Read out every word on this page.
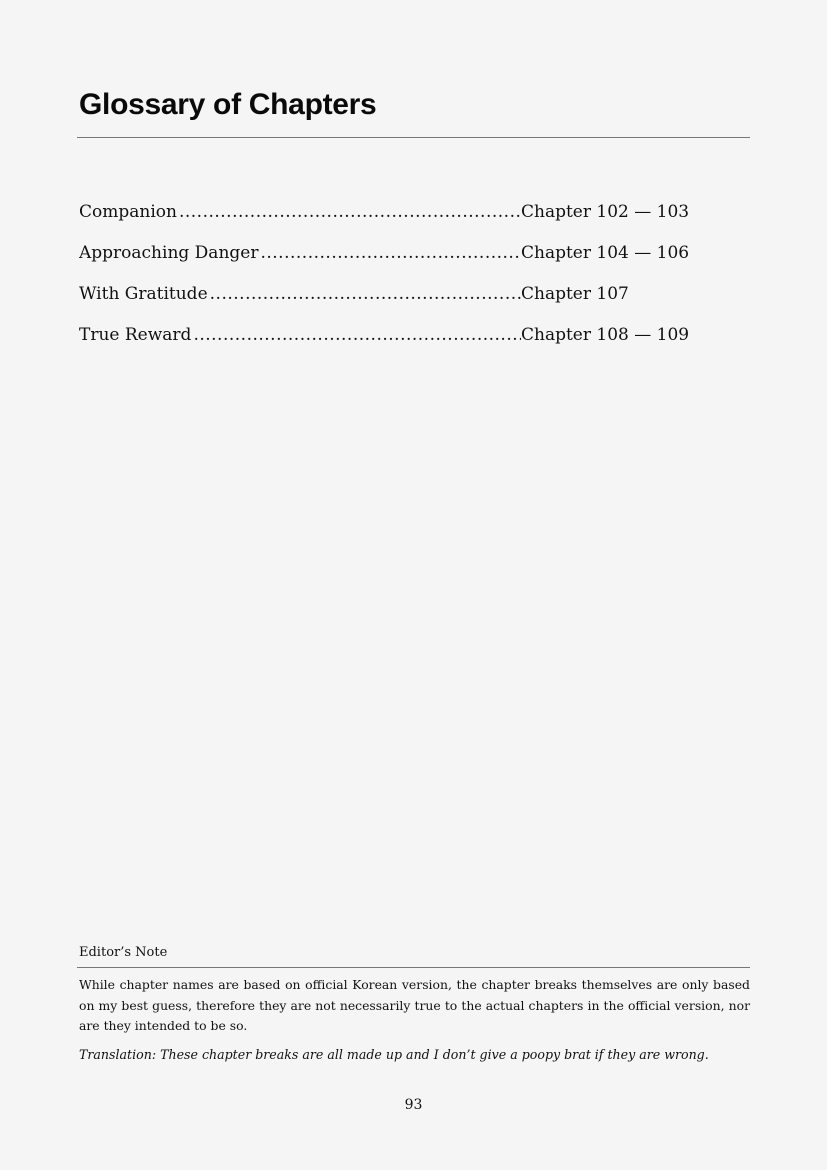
Glossary of Chapters
Companion .....	Chapter 102 — 103
Approaching Danger .....	Chapter 104 — 106
With Gratitude .....	Chapter 107
True Reward .....	Chapter 108 — 109
Editor’s Note

While chapter names are based on official Korean version, the chapter breaks themselves are only based on my best guess, therefore they are not necessarily true to the actual chapters in the official version, nor are they intended to be so.

Translation: These chapter breaks are all made up and I don’t give a poopy brat if they are wrong.

93
